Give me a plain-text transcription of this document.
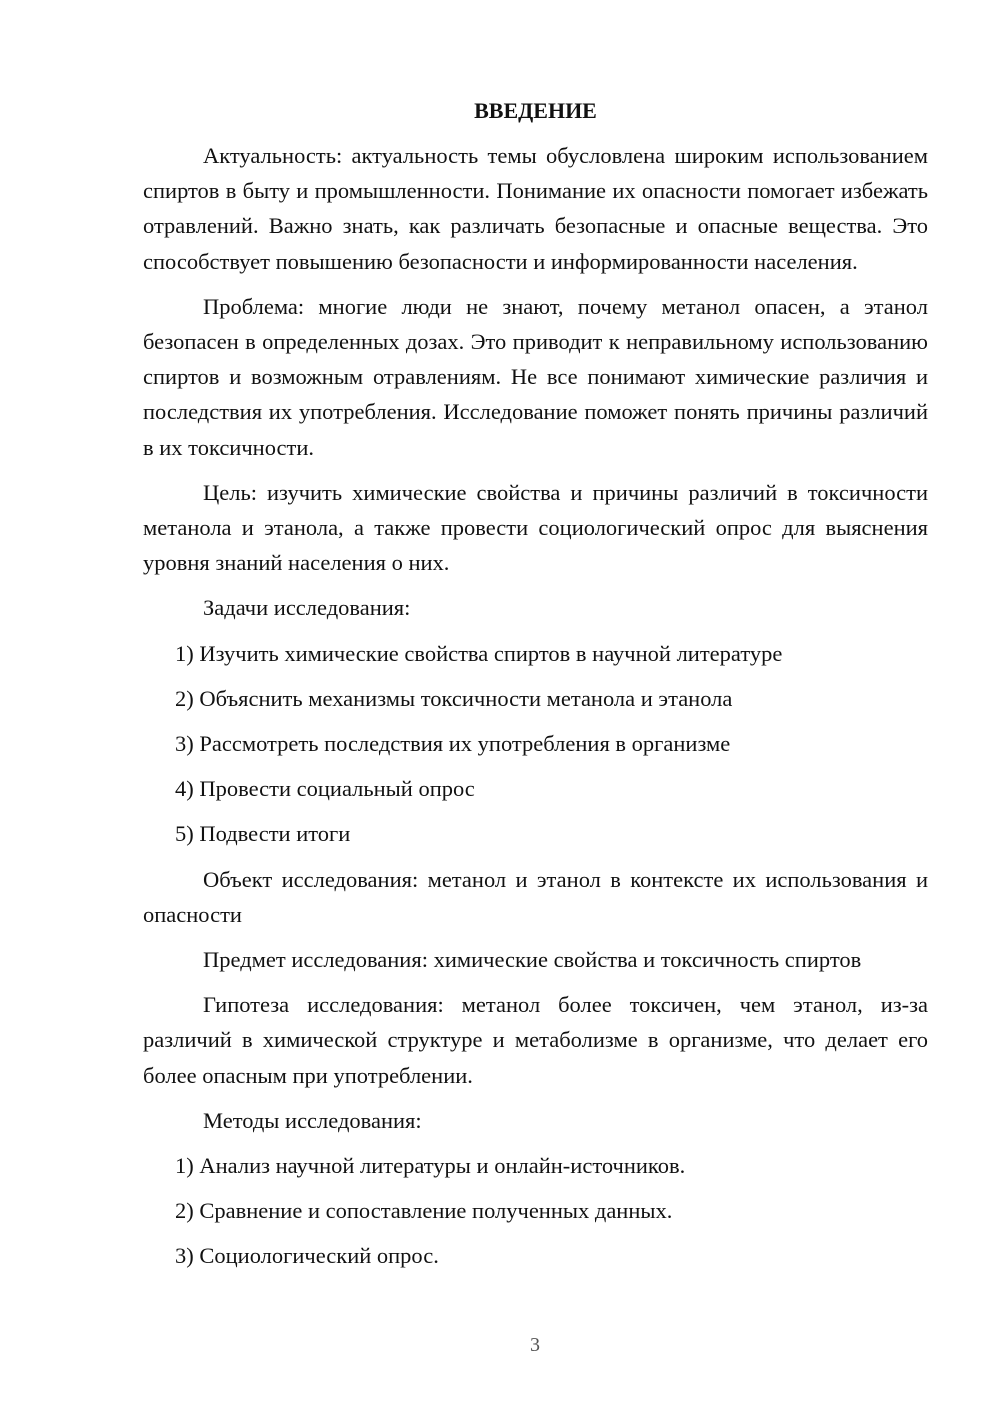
ВВЕДЕНИЕ

Актуальность: актуальность темы обусловлена широким использованием спиртов в быту и промышленности. Понимание их опасности помогает избежать отравлений. Важно знать, как различать безопасные и опасные вещества. Это способствует повышению безопасности и информированности населения.

Проблема: многие люди не знают, почему метанол опасен, а этанол безопасен в определенных дозах. Это приводит к неправильному использованию спиртов и возможным отравлениям. Не все понимают химические различия и последствия их употребления. Исследование поможет понять причины различий в их токсичности.

Цель: изучить химические свойства и причины различий в токсичности метанола и этанола, а также провести социологический опрос для выяснения уровня знаний населения о них.

Задачи исследования:

1) Изучить химические свойства спиртов в научной литературе
2) Объяснить механизмы токсичности метанола и этанола
3) Рассмотреть последствия их употребления в организме
4) Провести социальный опрос
5) Подвести итоги

Объект исследования: метанол и этанол в контексте их использования и опасности

Предмет исследования: химические свойства и токсичность спиртов

Гипотеза исследования: метанол более токсичен, чем этанол, из-за различий в химической структуре и метаболизме в организме, что делает его более опасным при употреблении.

Методы исследования:

1) Анализ научной литературы и онлайн-источников.
2) Сравнение и сопоставление полученных данных.
3) Социологический опрос.
3
